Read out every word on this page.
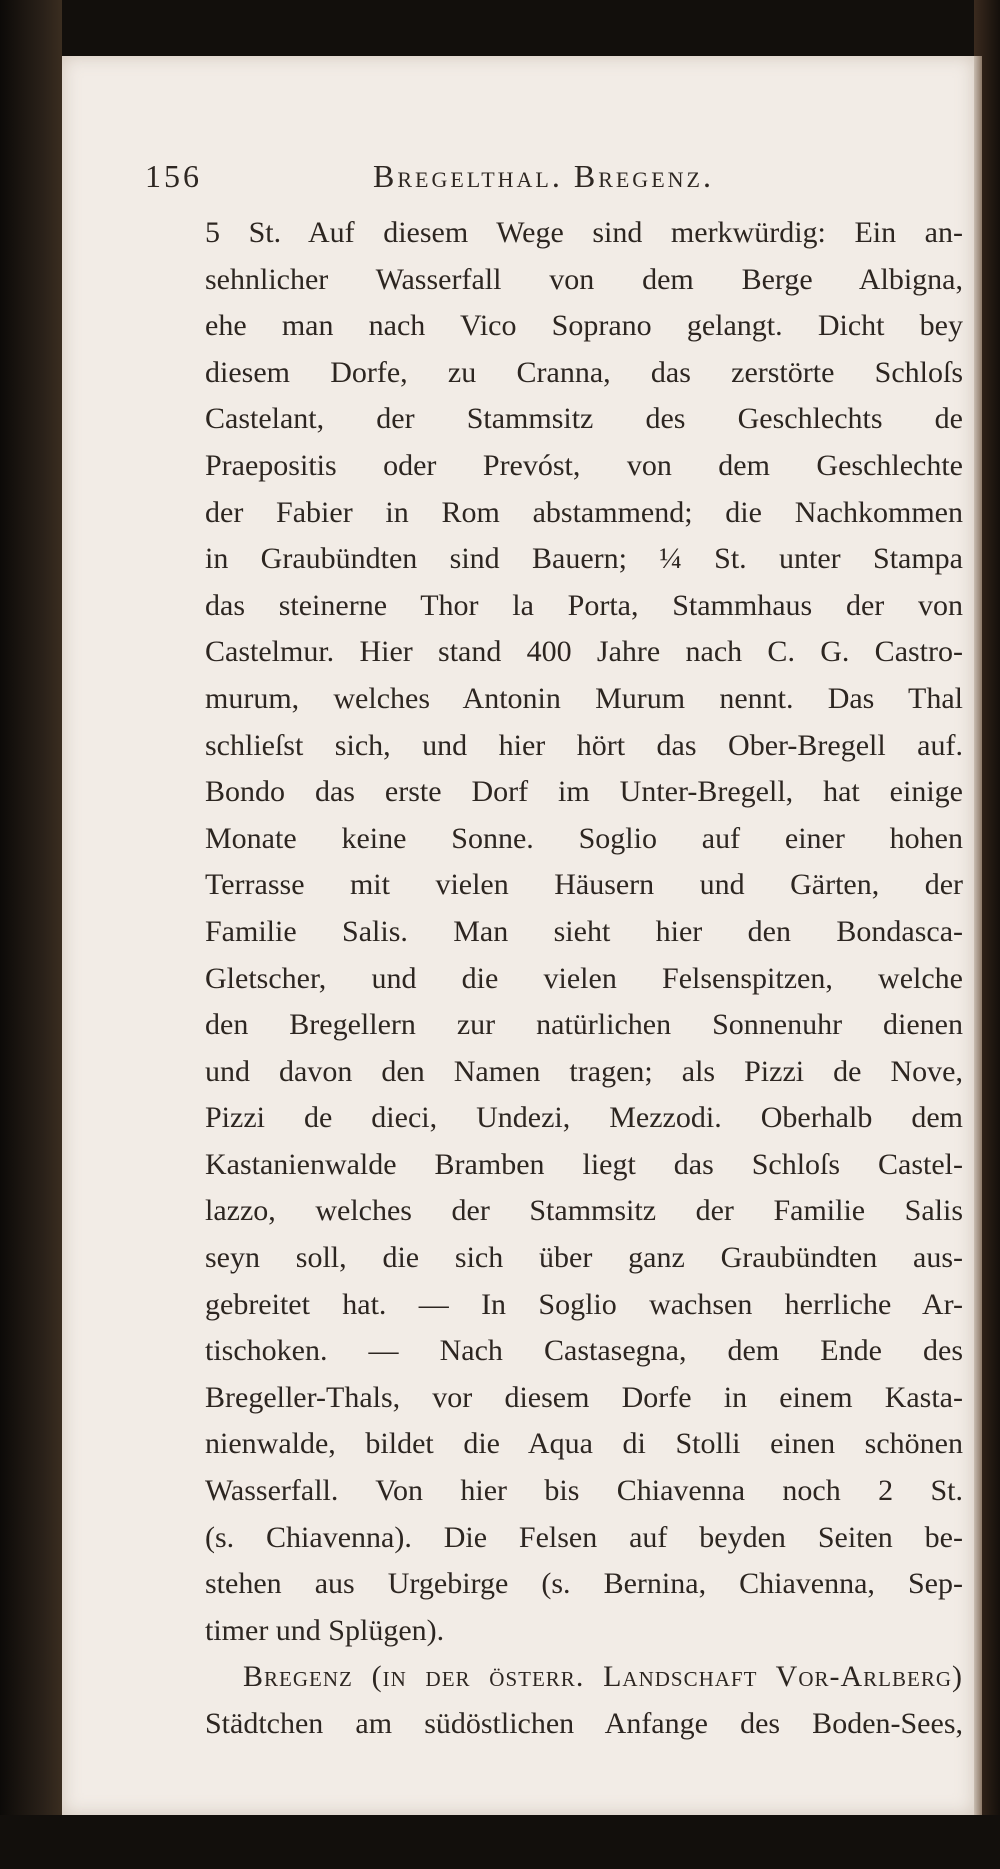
156	Bregelthal. Bregenz.
5 St. Auf diesem Wege sind merkwürdig: Ein an-
sehnlicher Wasserfall von dem Berge Albigna,
ehe man nach Vico Soprano gelangt. Dicht bey
diesem Dorfe, zu Cranna, das zerstörte Schloſs
Castelant, der Stammsitz des Geschlechts de
Praepositis oder Prevóst, von dem Geschlechte
der Fabier in Rom abstammend; die Nachkommen
in Graubündten sind Bauern; ¼ St. unter Stampa
das steinerne Thor la Porta, Stammhaus der von
Castelmur. Hier stand 400 Jahre nach C. G. Castro-
murum, welches Antonin Murum nennt. Das Thal
schlieſst sich, und hier hört das Ober-Bregell auf.
Bondo das erste Dorf im Unter-Bregell, hat einige
Monate keine Sonne. Soglio auf einer hohen
Terrasse mit vielen Häusern und Gärten, der
Familie Salis. Man sieht hier den Bondasca-
Gletscher, und die vielen Felsenspitzen, welche
den Bregellern zur natürlichen Sonnenuhr dienen
und davon den Namen tragen; als Pizzi de Nove,
Pizzi de dieci, Undezi, Mezzodi. Oberhalb dem
Kastanienwalde Bramben liegt das Schloſs Castel-
lazzo, welches der Stammsitz der Familie Salis
seyn soll, die sich über ganz Graubündten aus-
gebreitet hat. — In Soglio wachsen herrliche Ar-
tischoken. — Nach Castasegna, dem Ende des
Bregeller-Thals, vor diesem Dorfe in einem Kasta-
nienwalde, bildet die Aqua di Stolli einen schönen
Wasserfall. Von hier bis Chiavenna noch 2 St.
(s. Chiavenna). Die Felsen auf beyden Seiten be-
stehen aus Urgebirge (s. Bernina, Chiavenna, Sep-
timer und Splügen).
Bregenz (in der österr. Landschaft Vor-Arlberg)
Städtchen am südöstlichen Anfange des Boden-Sees,
